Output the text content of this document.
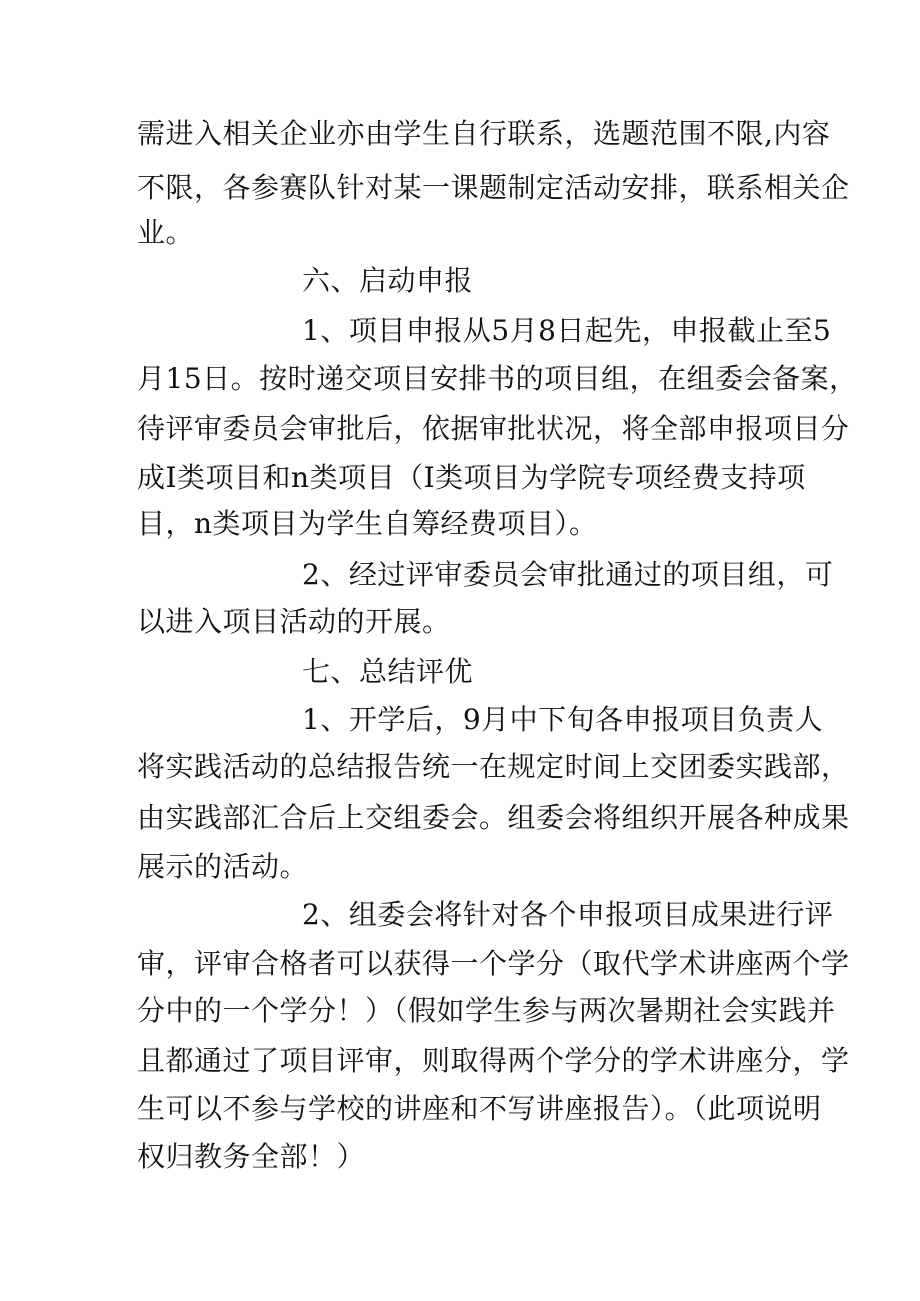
需进入相关企业亦由学生自行联系，选题范围不限,内容
不限，各参赛队针对某一课题制定活动安排，联系相关企
业。
六、启动申报
1、项目申报从5月8日起先，申报截止至5
月15日。按时递交项目安排书的项目组，在组委会备案，
待评审委员会审批后，依据审批状况，将全部申报项目分
成Ⅰ类项目和n类项目（Ⅰ类项目为学院专项经费支持项
目，n类项目为学生自筹经费项目）。
2、经过评审委员会审批通过的项目组，可
以进入项目活动的开展。
七、总结评优
1、开学后，9月中下旬各申报项目负责人
将实践活动的总结报告统一在规定时间上交团委实践部，
由实践部汇合后上交组委会。组委会将组织开展各种成果
展示的活动。
2、组委会将针对各个申报项目成果进行评
审，评审合格者可以获得一个学分（取代学术讲座两个学
分中的一个学分！）（假如学生参与两次暑期社会实践并
且都通过了项目评审，则取得两个学分的学术讲座分，学
生可以不参与学校的讲座和不写讲座报告）。（此项说明
权归教务全部！）
